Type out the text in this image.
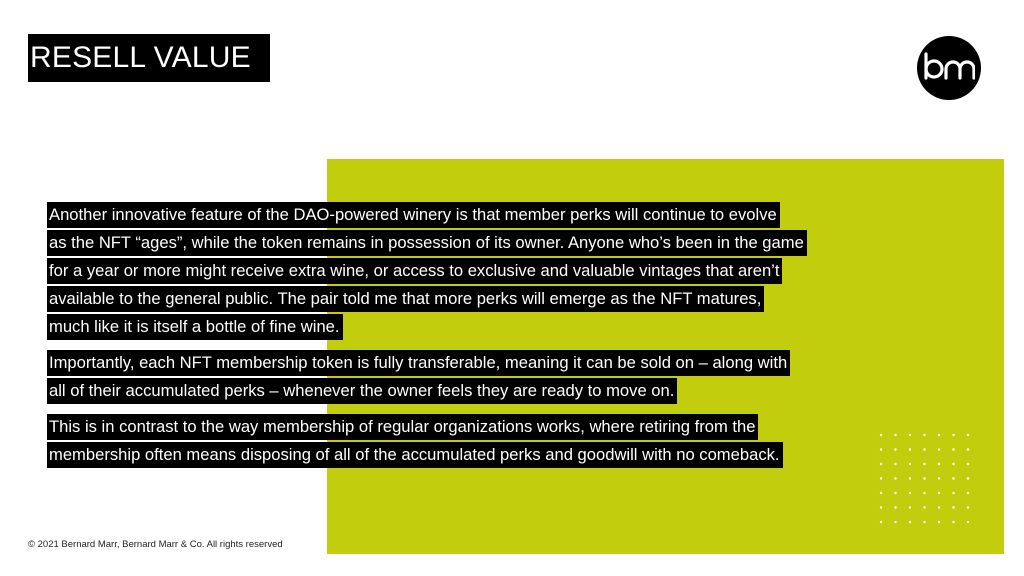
RESELL VALUE
Another innovative feature of the DAO-powered winery is that member perks will continue to evolve
as the NFT “ages”, while the token remains in possession of its owner. Anyone who’s been in the game
for a year or more might receive extra wine, or access to exclusive and valuable vintages that aren’t
available to the general public. The pair told me that more perks will emerge as the NFT matures,
much like it is itself a bottle of fine wine.
Importantly, each NFT membership token is fully transferable, meaning it can be sold on – along with
all of their accumulated perks – whenever the owner feels they are ready to move on.
This is in contrast to the way membership of regular organizations works, where retiring from the
membership often means disposing of all of the accumulated perks and goodwill with no comeback.
© 2021 Bernard Marr, Bernard Marr & Co. All rights reserved
